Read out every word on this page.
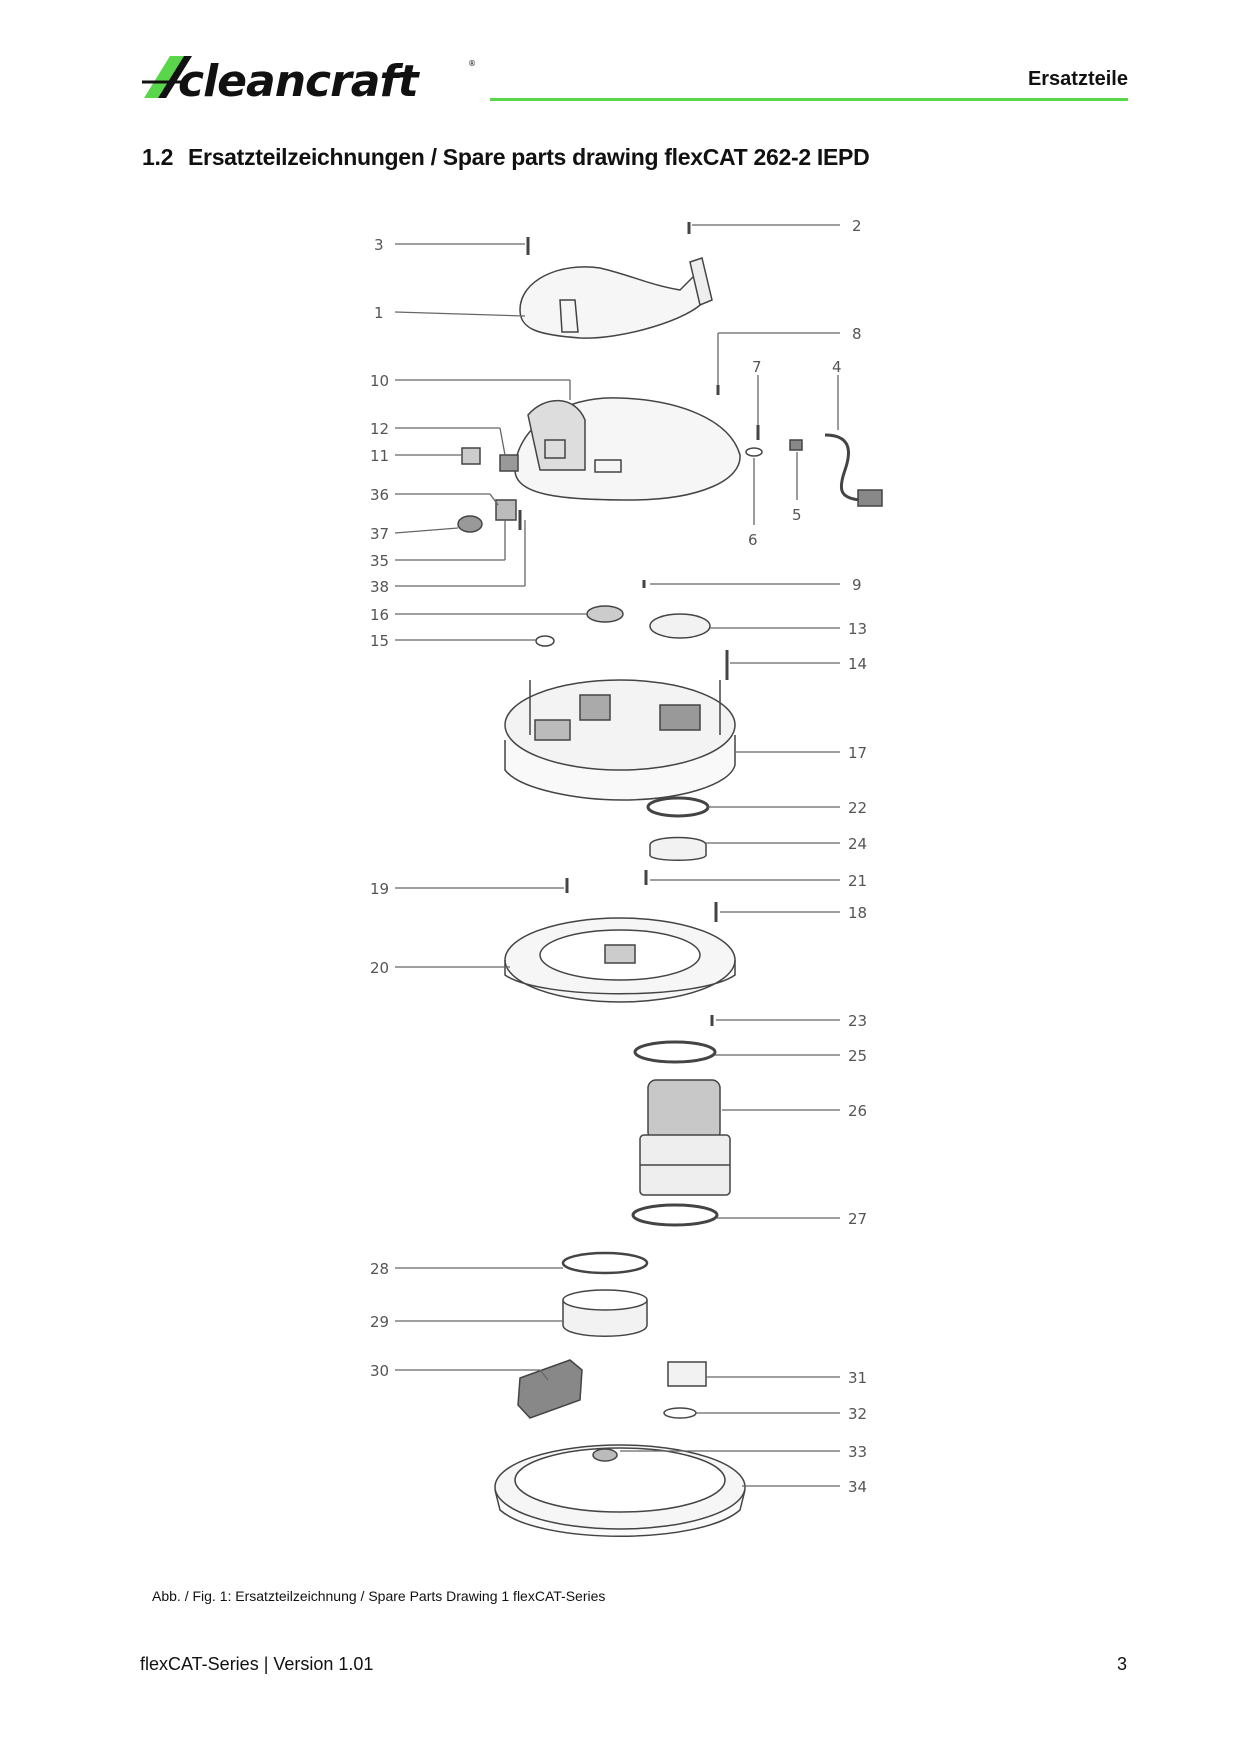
cleancraft	®
Ersatzteile
1.2 Ersatzteilzeichnungen / Spare parts drawing flexCAT 262-2 IEPD
3
1
10
12
11
36
37
35
38
16
15
19
20
28
29
30
2
8
7	4
5
6
9
13
14
17
22
24
21
18
23
25
26
27
31
32
33
34
Abb. / Fig. 1: Ersatzteilzeichnung / Spare Parts Drawing 1 flexCAT-Series
flexCAT-Series | Version 1.01	3
